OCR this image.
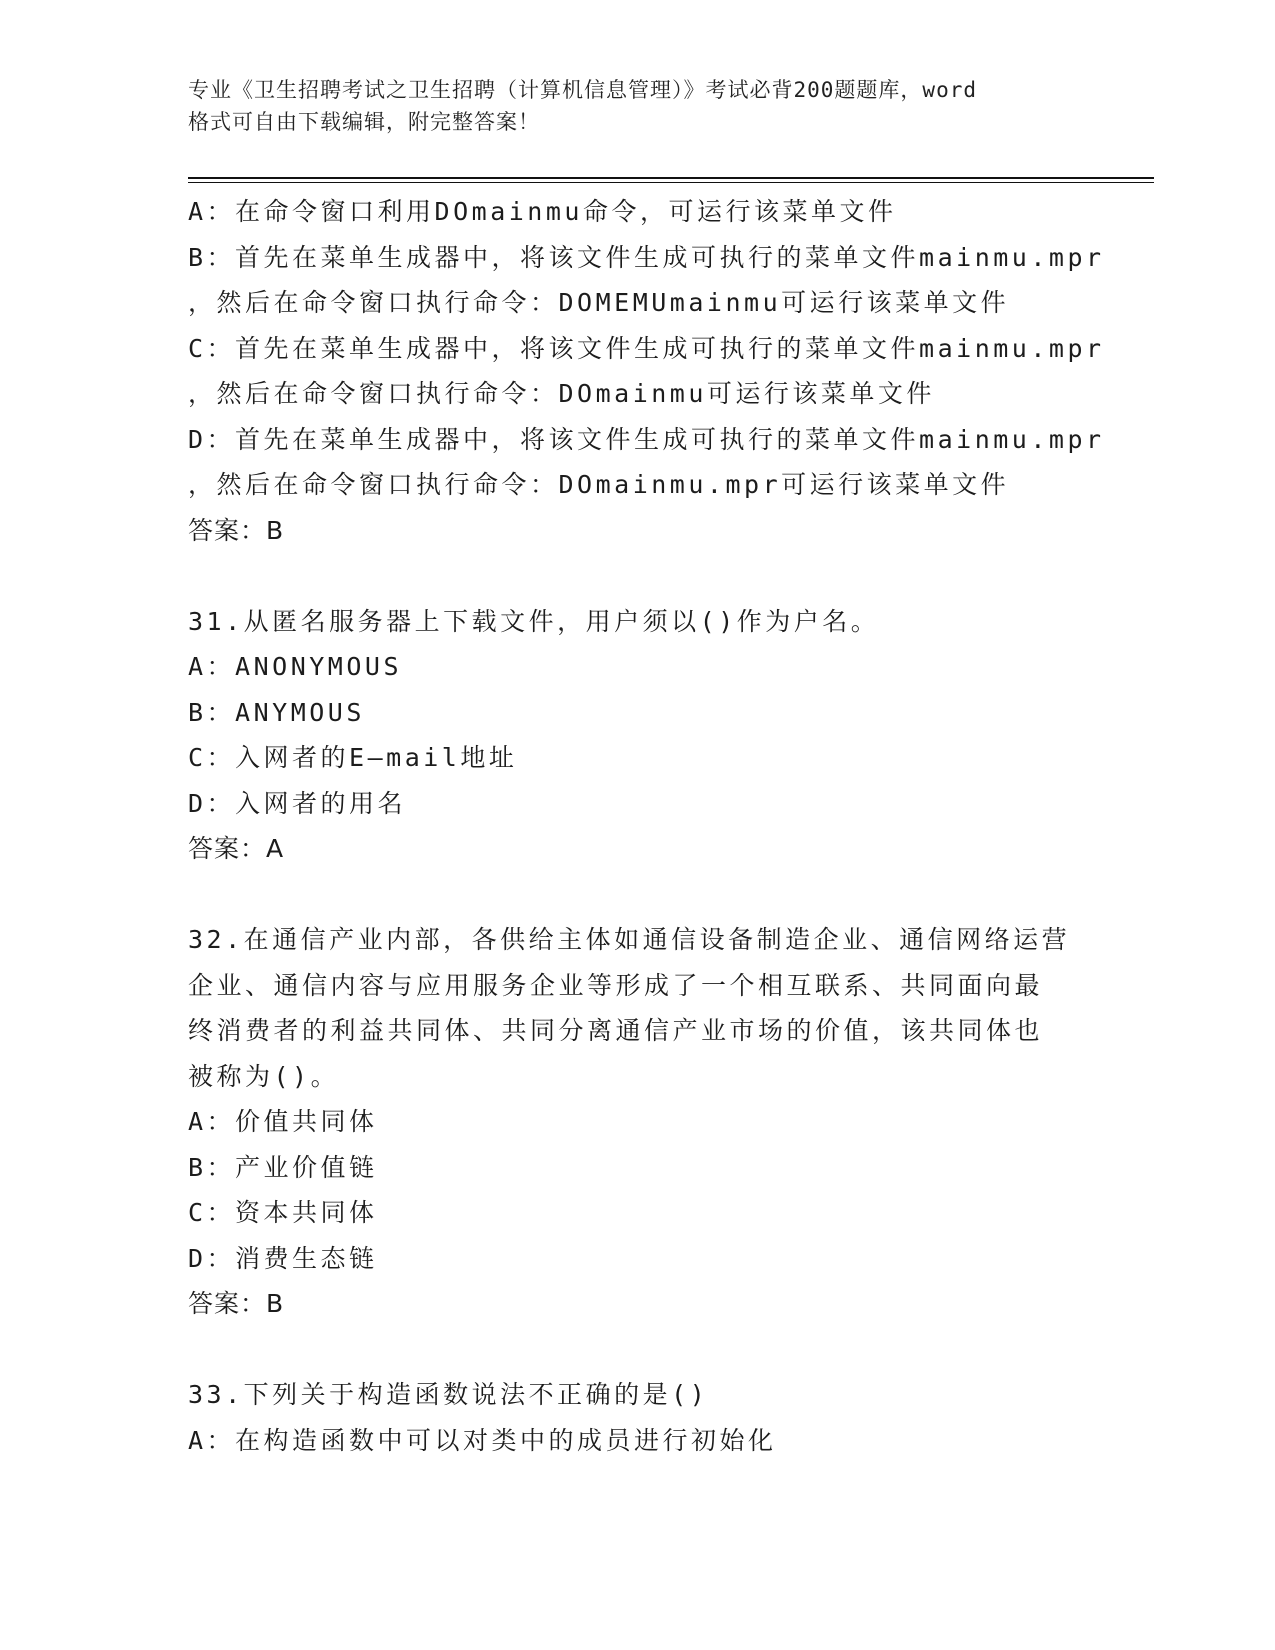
专业《卫生招聘考试之卫生招聘（计算机信息管理）》考试必背200题题库，word
格式可自由下载编辑，附完整答案！
A：在命令窗口利用DOmainmu命令，可运行该菜单文件
B：首先在菜单生成器中，将该文件生成可执行的菜单文件mainmu.mpr
，然后在命令窗口执行命令：DOMEMUmainmu可运行该菜单文件
C：首先在菜单生成器中，将该文件生成可执行的菜单文件mainmu.mpr
，然后在命令窗口执行命令：DOmainmu可运行该菜单文件
D：首先在菜单生成器中，将该文件生成可执行的菜单文件mainmu.mpr
，然后在命令窗口执行命令：DOmainmu.mpr可运行该菜单文件
答案：B
31.从匿名服务器上下载文件，用户须以()作为户名。
A：ANONYMOUS
B：ANYMOUS
C：入网者的E—mail地址
D：入网者的用名
答案：A
32.在通信产业内部，各供给主体如通信设备制造企业、通信网络运营
企业、通信内容与应用服务企业等形成了一个相互联系、共同面向最
终消费者的利益共同体、共同分离通信产业市场的价值，该共同体也
被称为()。
A：价值共同体
B：产业价值链
C：资本共同体
D：消费生态链
答案：B
33.下列关于构造函数说法不正确的是()
A：在构造函数中可以对类中的成员进行初始化
